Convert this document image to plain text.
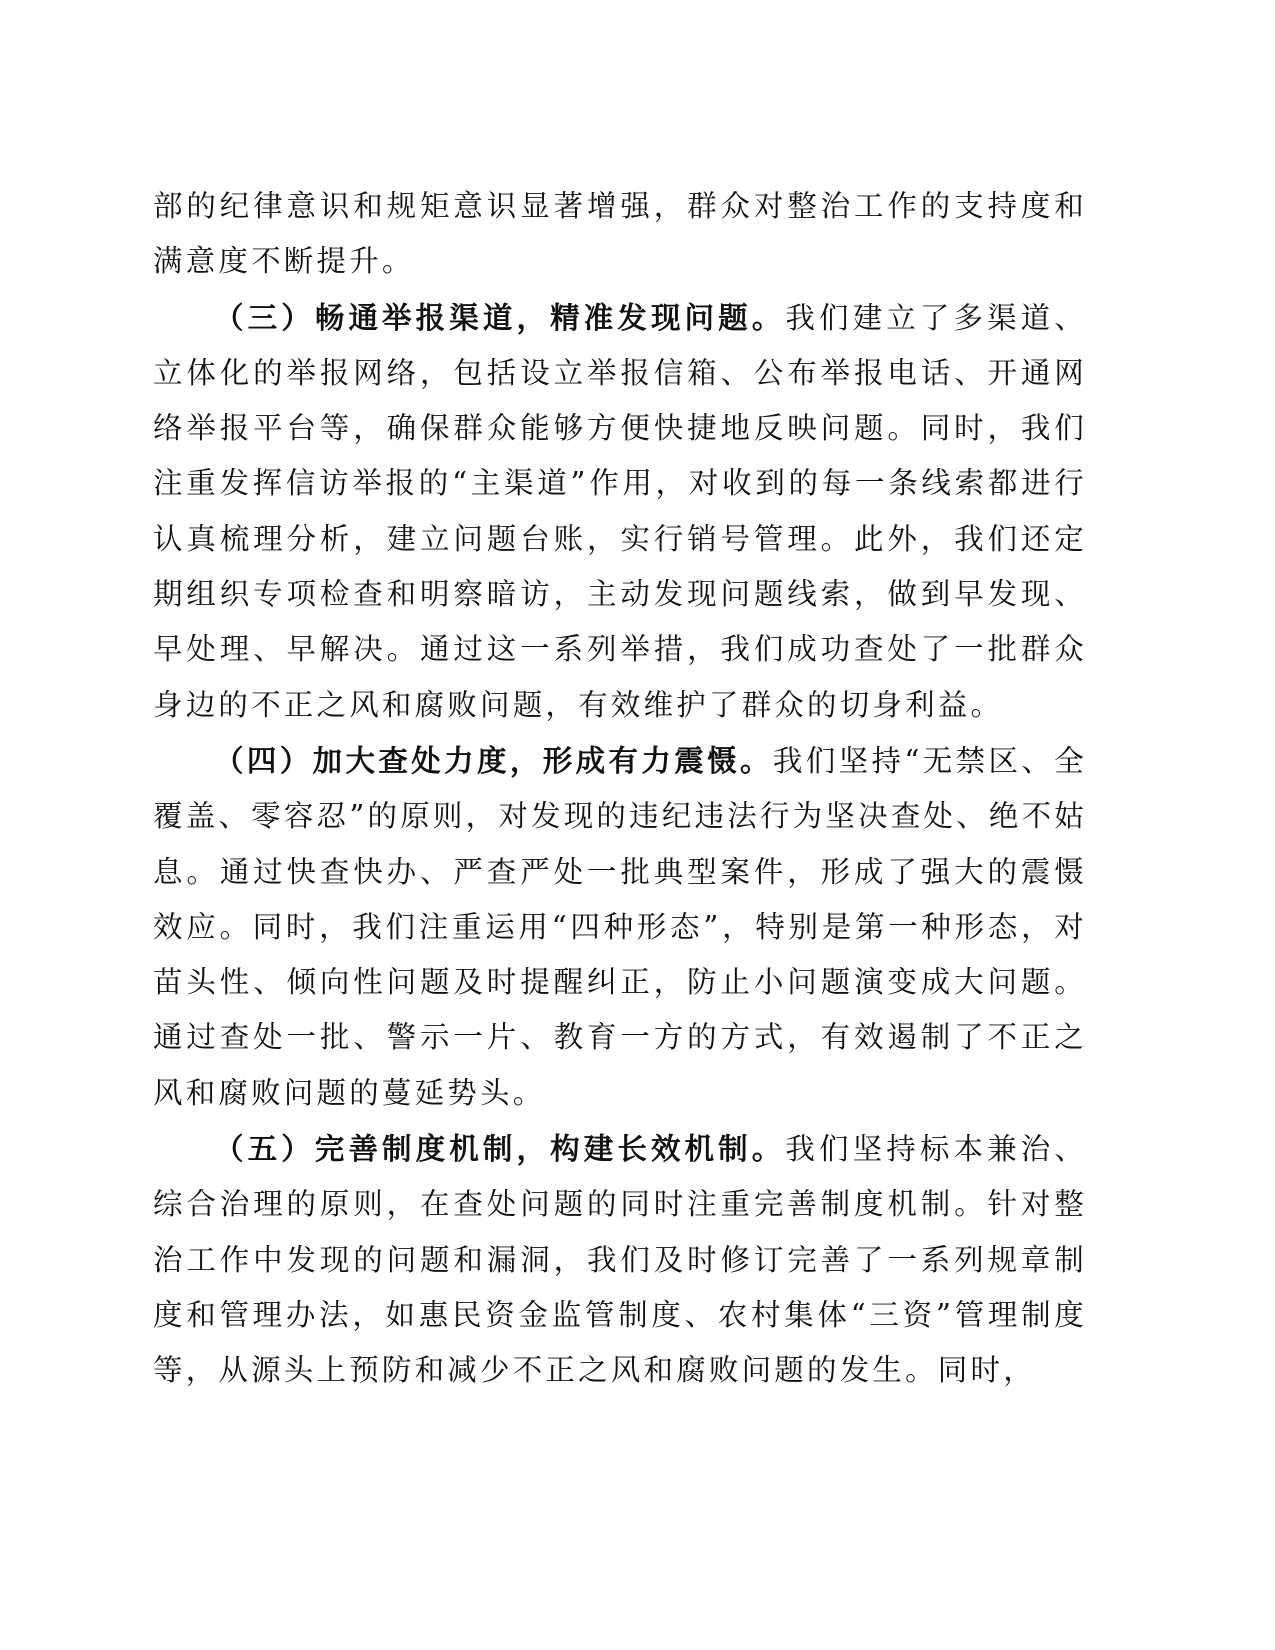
部的纪律意识和规矩意识显著增强，群众对整治工作的支持度和满意度不断提升。

（三）畅通举报渠道，精准发现问题。我们建立了多渠道、立体化的举报网络，包括设立举报信箱、公布举报电话、开通网络举报平台等，确保群众能够方便快捷地反映问题。同时，我们注重发挥信访举报的“主渠道”作用，对收到的每一条线索都进行认真梳理分析，建立问题台账，实行销号管理。此外，我们还定期组织专项检查和明察暗访，主动发现问题线索，做到早发现、早处理、早解决。通过这一系列举措，我们成功查处了一批群众身边的不正之风和腐败问题，有效维护了群众的切身利益。

（四）加大查处力度，形成有力震慑。我们坚持“无禁区、全覆盖、零容忍”的原则，对发现的违纪违法行为坚决查处、绝不姑息。通过快查快办、严查严处一批典型案件，形成了强大的震慑效应。同时，我们注重运用“四种形态”，特别是第一种形态，对苗头性、倾向性问题及时提醒纠正，防止小问题演变成大问题。通过查处一批、警示一片、教育一方的方式，有效遏制了不正之风和腐败问题的蔓延势头。

（五）完善制度机制，构建长效机制。我们坚持标本兼治、综合治理的原则，在查处问题的同时注重完善制度机制。针对整治工作中发现的问题和漏洞，我们及时修订完善了一系列规章制度和管理办法，如惠民资金监管制度、农村集体“三资”管理制度等，从源头上预防和减少不正之风和腐败问题的发生。同时，
